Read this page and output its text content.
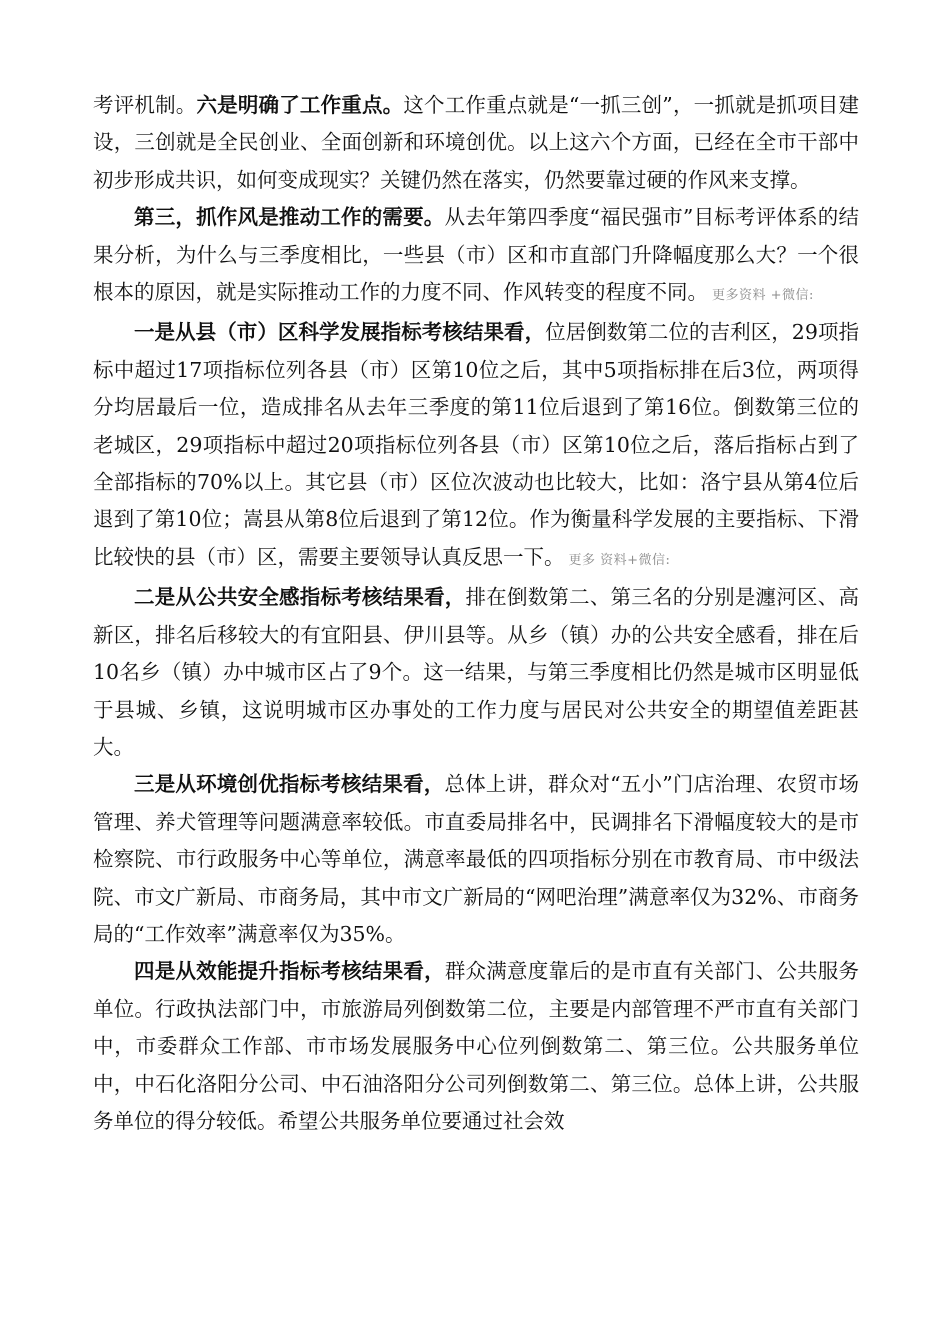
考评机制。六是明确了工作重点。这个工作重点就是“一抓三创”，一抓就是抓项目建设，三创就是全民创业、全面创新和环境创优。以上这六个方面，已经在全市干部中初步形成共识，如何变成现实？关键仍然在落实，仍然要靠过硬的作风来支撑。

第三，抓作风是推动工作的需要。从去年第四季度“福民强市”目标考评体系的结果分析，为什么与三季度相比，一些县（市）区和市直部门升降幅度那么大？一个很根本的原因，就是实际推动工作的力度不同、作风转变的程度不同。 更多资料 +微信:

一是从县（市）区科学发展指标考核结果看，位居倒数第二位的吉利区，29项指标中超过17项指标位列各县（市）区第10位之后，其中5项指标排在后3位，两项得分均居最后一位，造成排名从去年三季度的第11位后退到了第16位。倒数第三位的老城区，29项指标中超过20项指标位列各县（市）区第10位之后，落后指标占到了全部指标的70%以上。其它县（市）区位次波动也比较大，比如：洛宁县从第4位后退到了第10位；嵩县从第8位后退到了第12位。作为衡量科学发展的主要指标、下滑比较快的县（市）区，需要主要领导认真反思一下。 更多 资料+微信:

二是从公共安全感指标考核结果看，排在倒数第二、第三名的分别是瀍河区、高新区，排名后移较大的有宜阳县、伊川县等。从乡（镇）办的公共安全感看，排在后10名乡（镇）办中城市区占了9个。这一结果，与第三季度相比仍然是城市区明显低于县城、乡镇，这说明城市区办事处的工作力度与居民对公共安全的期望值差距甚大。

三是从环境创优指标考核结果看，总体上讲，群众对“五小”门店治理、农贸市场管理、养犬管理等问题满意率较低。市直委局排名中，民调排名下滑幅度较大的是市检察院、市行政服务中心等单位，满意率最低的四项指标分别在市教育局、市中级法院、市文广新局、市商务局，其中市文广新局的“网吧治理”满意率仅为32%、市商务局的“工作效率”满意率仅为35%。

四是从效能提升指标考核结果看，群众满意度靠后的是市直有关部门、公共服务单位。行政执法部门中，市旅游局列倒数第二位，主要是内部管理不严市直有关部门中，市委群众工作部、市市场发展服务中心位列倒数第二、第三位。公共服务单位中，中石化洛阳分公司、中石油洛阳分公司列倒数第二、第三位。总体上讲，公共服务单位的得分较低。希望公共服务单位要通过社会效
